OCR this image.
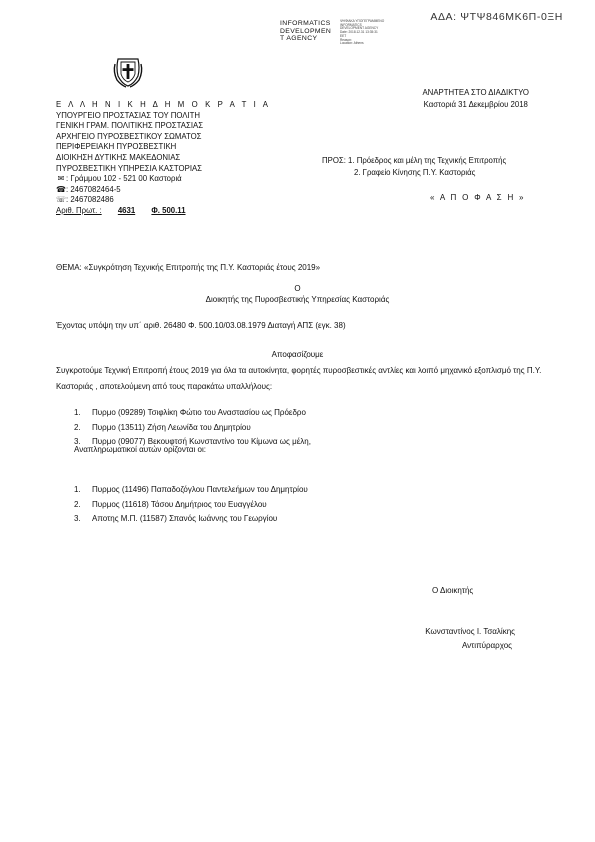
ΑΔΑ: ΨΤΨ846ΜΚ6Π-0ΞΗ
INFORMATICS
DEVELOPMEN
T AGENCY
ΨΗΦΙΑΚΑ ΥΠΟΓΕΓΡΑΜΜΕΝΟ
INFORMATICS
DEVELOPMENT AGENCY
Date: 2018.12.31 13:35:31
EET
Reason:
Location: Athens
Ε Λ Λ Η Ν Ι Κ Η Δ Η Μ Ο Κ Ρ Α Τ Ι Α
ΥΠΟΥΡΓΕΙΟ ΠΡΟΣΤΑΣΙΑΣ ΤΟΥ ΠΟΛΙΤΗ
ΓΕΝΙΚΗ ΓΡΑΜ. ΠΟΛΙΤΙΚΗΣ ΠΡΟΣΤΑΣΙΑΣ
ΑΡΧΗΓΕΙΟ ΠΥΡΟΣΒΕΣΤΙΚΟΥ ΣΩΜΑΤΟΣ
ΠΕΡΙΦΕΡΕΙΑΚΗ ΠΥΡΟΣΒΕΣΤΙΚΗ
ΔΙΟΙΚΗΣΗ ΔΥΤΙΚΗΣ ΜΑΚΕΔΟΝΙΑΣ
ΠΥΡΟΣΒΕΣΤΙΚΗ ΥΠΗΡΕΣΙΑ ΚΑΣΤΟΡΙΑΣ
✉ : Γράμμου 102 - 521 00 Καστοριά
☎: 2467082464-5
☏: 2467082486
Αριθ. Πρωτ. : 4631 Φ. 500.11
ΑΝΑΡΤΗΤΕΑ ΣΤΟ ΔΙΑΔΙΚΤΥΟ
Καστοριά 31 Δεκεμβρίου 2018
ΠΡΟΣ: 1. Πρόεδρος και μέλη της Τεχνικής Επιτροπής
2. Γραφείο Κίνησης Π.Υ. Καστοριάς
« Α Π Ο Φ Α Σ Η »
ΘΕΜΑ: «Συγκρότηση Τεχνικής Επιτροπής της Π.Υ. Καστοριάς έτους 2019»
Ο
Διοικητής της Πυροσβεστικής Υπηρεσίας Καστοριάς
Έχοντας υπόψη την υπ΄ αριθ. 26480 Φ. 500.10/03.08.1979 Διαταγή ΑΠΣ (εγκ. 38)
Αποφασίζουμε
Συγκροτούμε Τεχνική Επιτροπή έτους 2019 για όλα τα αυτοκίνητα, φορητές πυροσβεστικές αντλίες και λοιπό μηχανικό εξοπλισμό της Π.Υ. Καστοριάς , αποτελούμενη από τους παρακάτω υπαλλήλους:
1. Πυρμο (09289) Τσιφλίκη Φώτιο του Αναστασίου ως Πρόεδρο
2. Πυρμο (13511) Ζήση Λεωνίδα του Δημητρίου
3. Πυρμο (09077) Βεκουφτσή Κωνσταντίνο του Κίμωνα ως μέλη,
Αναπληρωματικοί αυτών ορίζονται οι:
1. Πυρμος (11496) Παπαδοζόγλου Παντελεήμων του Δημητρίου
2. Πυρμος (11618) Τάσου Δημήτριος του Ευαγγέλου
3. Αποτης Μ.Π. (11587) Σπανός Ιωάννης του Γεωργίου
Ο Διοικητής
Κωνσταντίνος Ι. Τσαλίκης
Αντιπύραρχος
